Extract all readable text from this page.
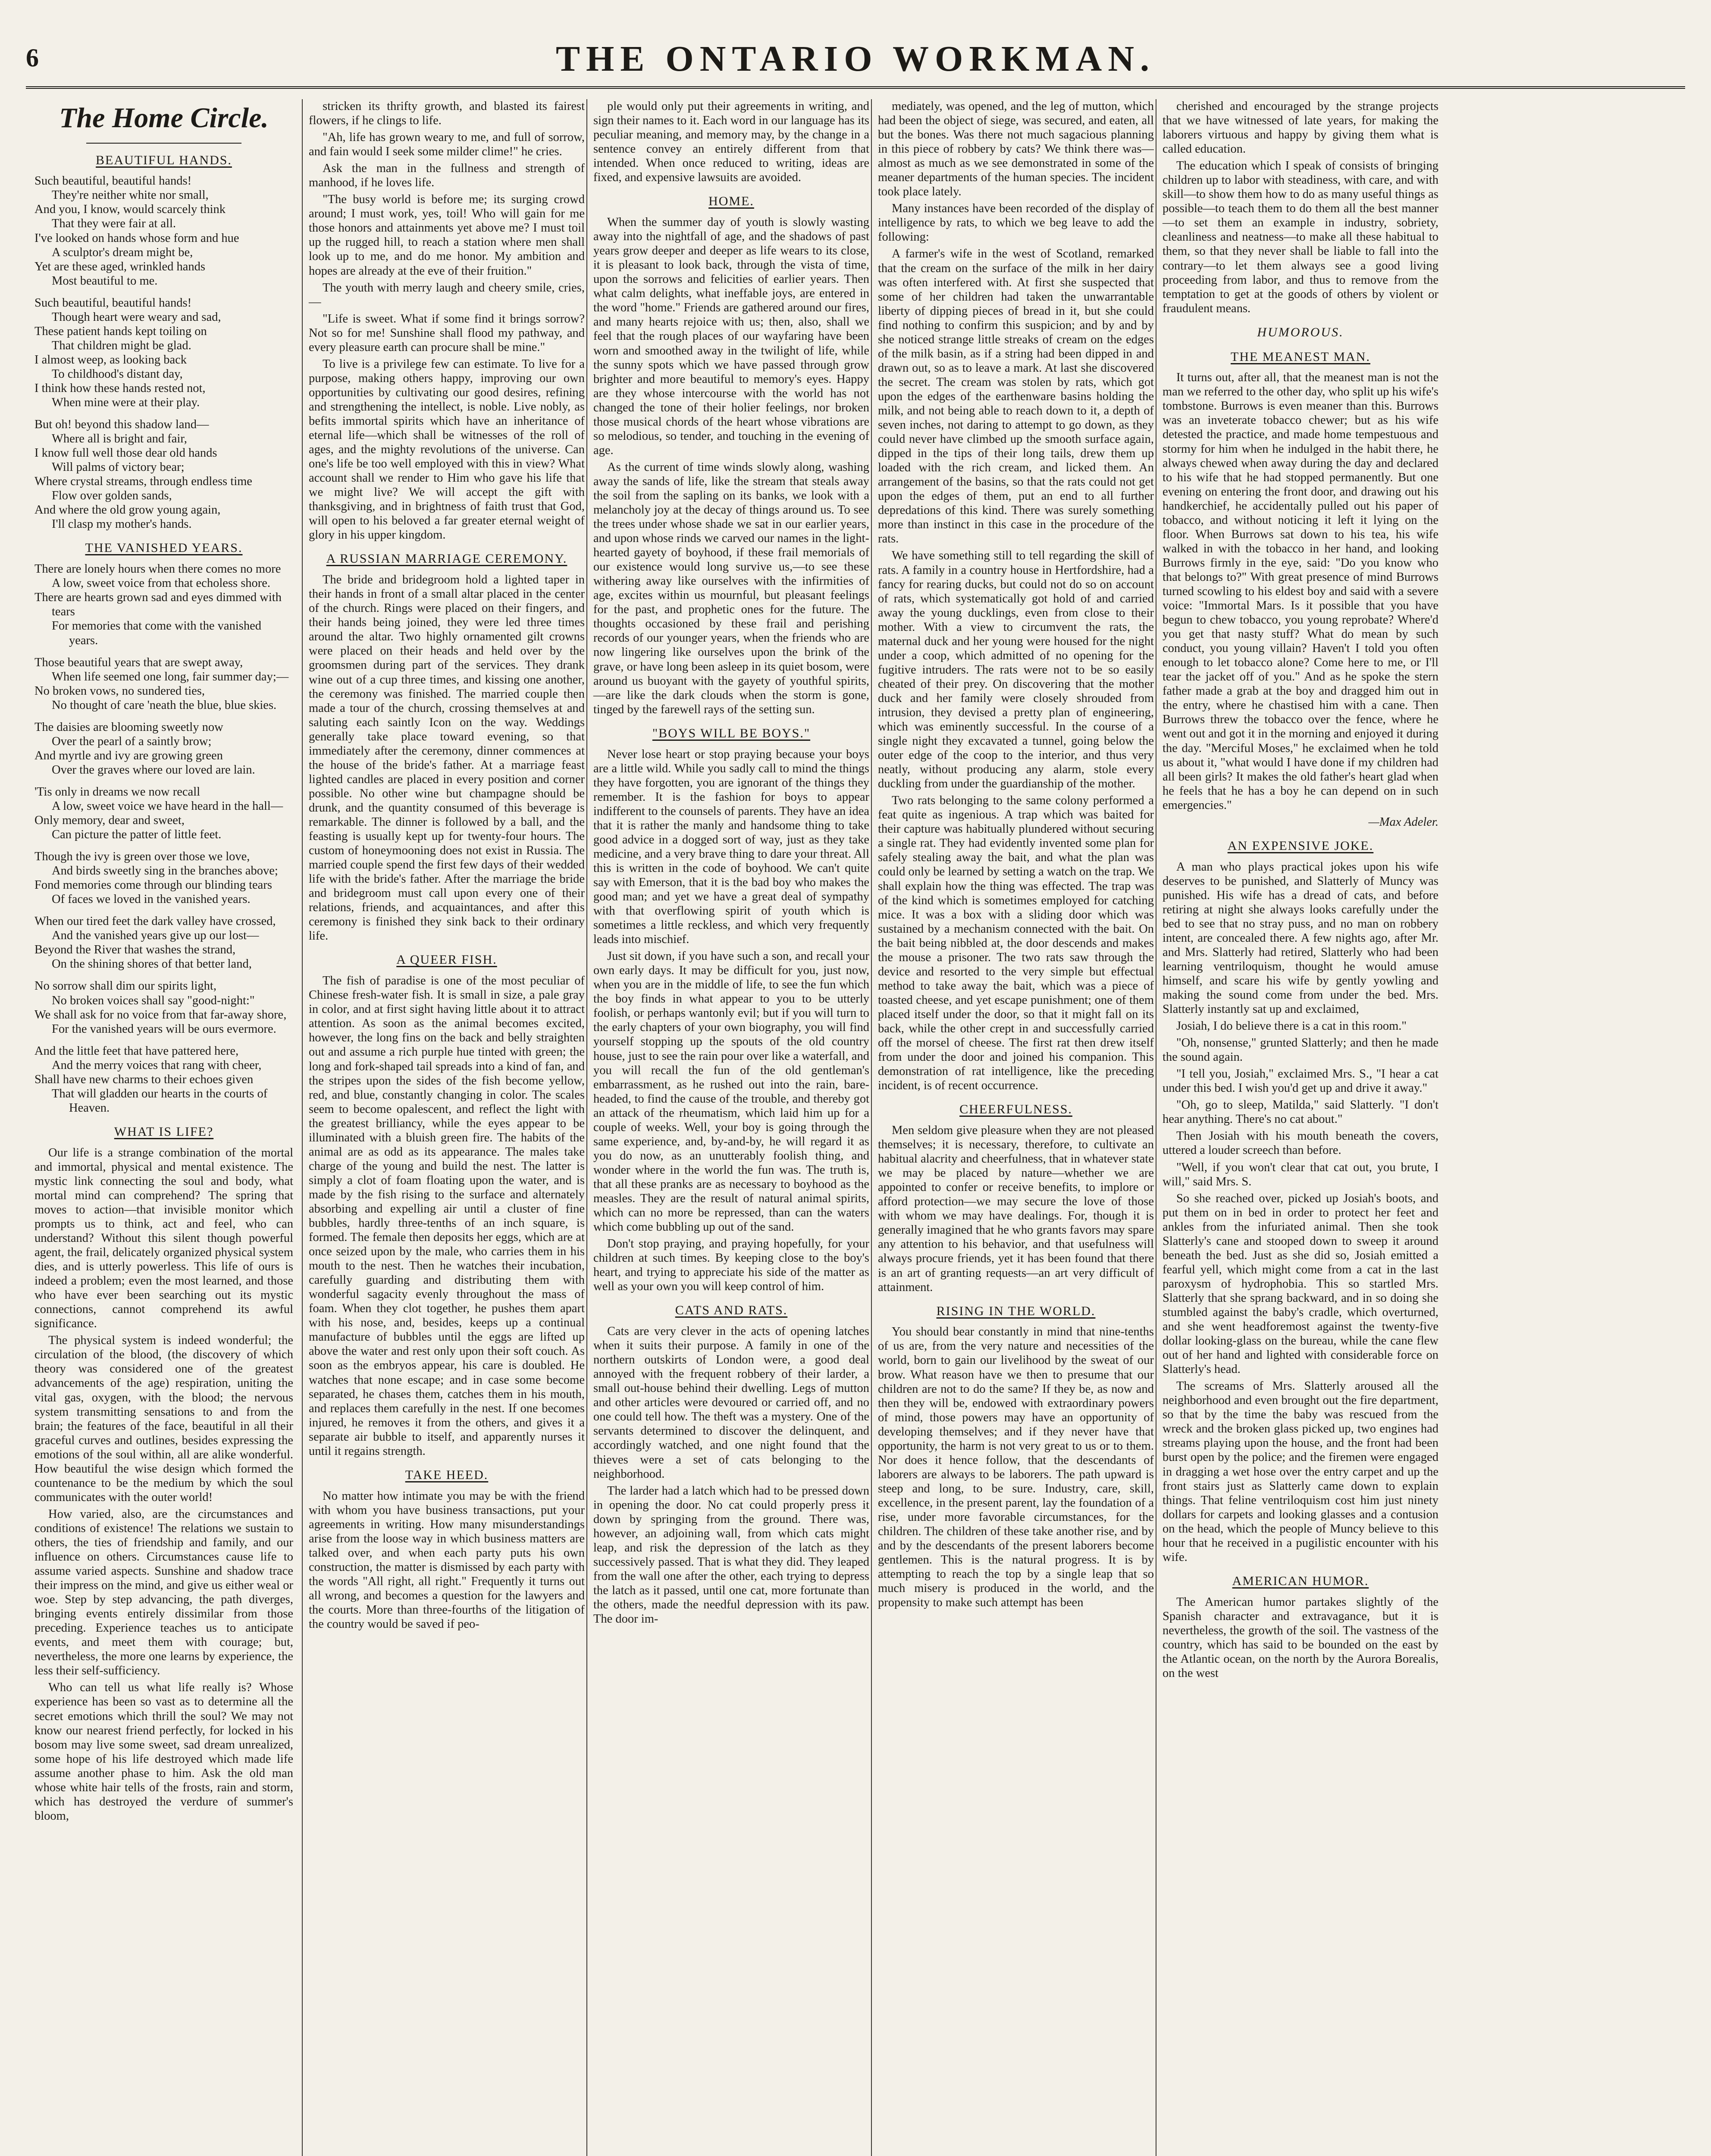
6	THE ONTARIO WORKMAN.
The Home Circle.
BEAUTIFUL HANDS.

Such beautiful, beautiful hands!
They're neither white nor small,
And you, I know, would scarcely think
That they were fair at all.
I've looked on hands whose form and hue
A sculptor's dream might be,
Yet are these aged, wrinkled hands
Most beautiful to me.

Such beautiful, beautiful hands!
Though heart were weary and sad,
These patient hands kept toiling on
That children might be glad.
I almost weep, as looking back
To childhood's distant day,
I think how these hands rested not,
When mine were at their play.

But oh! beyond this shadow land—
Where all is bright and fair,
I know full well those dear old hands
Will palms of victory bear;
Where crystal streams, through endless time
Flow over golden sands,
And where the old grow young again,
I'll clasp my mother's hands.

THE VANISHED YEARS.

There are lonely hours when there comes no more
A low, sweet voice from that echoless shore.
There are hearts grown sad and eyes dimmed with tears
For memories that come with the vanished years.

Those beautiful years that are swept away,
When life seemed one long, fair summer day;—
No broken vows, no sundered ties,
No thought of care 'neath the blue, blue skies.

The daisies are blooming sweetly now
Over the pearl of a saintly brow;
And myrtle and ivy are growing green
Over the graves where our loved are lain.

'Tis only in dreams we now recall
A low, sweet voice we have heard in the hall—
Only memory, dear and sweet,
Can picture the patter of little feet.

Though the ivy is green over those we love,
And birds sweetly sing in the branches above;
Fond memories come through our blinding tears
Of faces we loved in the vanished years.

When our tired feet the dark valley have crossed,
And the vanished years give up our lost—
Beyond the River that washes the strand,
On the shining shores of that better land,

No sorrow shall dim our spirits light,
No broken voices shall say "good-night:"
We shall ask for no voice from that far-away shore,
For the vanished years will be ours evermore.

And the little feet that have pattered here,
And the merry voices that rang with cheer,
Shall have new charms to their echoes given
That will gladden our hearts in the courts of Heaven.

WHAT IS LIFE?

Our life is a strange combination of the mortal and immortal, physical and mental existence. The mystic link connecting the soul and body, what mortal mind can comprehend? The spring that moves to action—that invisible monitor which prompts us to think, act and feel, who can understand? Without this silent though powerful agent, the frail, delicately organized physical system dies, and is utterly powerless. This life of ours is indeed a problem; even the most learned, and those who have ever been searching out its mystic connections, cannot comprehend its awful significance.

The physical system is indeed wonderful; the circulation of the blood, (the discovery of which theory was considered one of the greatest advancements of the age) respiration, uniting the vital gas, oxygen, with the blood; the nervous system transmitting sensations to and from the brain; the features of the face, beautiful in all their graceful curves and outlines, besides expressing the emotions of the soul within, all are alike wonderful. How beautiful the wise design which formed the countenance to be the medium by which the soul communicates with the outer world!

How varied, also, are the circumstances and conditions of existence! The relations we sustain to others, the ties of friendship and family, and our influence on others. Circumstances cause life to assume varied aspects. Sunshine and shadow trace their impress on the mind, and give us either weal or woe. Step by step advancing, the path diverges, bringing events entirely dissimilar from those preceding. Experience teaches us to anticipate events, and meet them with courage; but, nevertheless, the more one learns by experience, the less their self-sufficiency.

Who can tell us what life really is? Whose experience has been so vast as to determine all the secret emotions which thrill the soul? We may not know our nearest friend perfectly, for locked in his bosom may live some sweet, sad dream unrealized, some hope of his life destroyed which made life assume another phase to him. Ask the old man whose white hair tells of the frosts, rain and storm, which has destroyed the verdure of summer's bloom,

stricken its thrifty growth, and blasted its fairest flowers, if he clings to life.

"Ah, life has grown weary to me, and full of sorrow, and fain would I seek some milder clime!" he cries.

Ask the man in the fullness and strength of manhood, if he loves life.

"The busy world is before me; its surging crowd around; I must work, yes, toil! Who will gain for me those honors and attainments yet above me? I must toil up the rugged hill, to reach a station where men shall look up to me, and do me honor. My ambition and hopes are already at the eve of their fruition."

The youth with merry laugh and cheery smile, cries,—

"Life is sweet. What if some find it brings sorrow? Not so for me! Sunshine shall flood my pathway, and every pleasure earth can procure shall be mine."

To live is a privilege few can estimate. To live for a purpose, making others happy, improving our own opportunities by cultivating our good desires, refining and strengthening the intellect, is noble. Live nobly, as befits immortal spirits which have an inheritance of eternal life—which shall be witnesses of the roll of ages, and the mighty revolutions of the universe. Can one's life be too well employed with this in view? What account shall we render to Him who gave his life that we might live? We will accept the gift with thanksgiving, and in brightness of faith trust that God, will open to his beloved a far greater eternal weight of glory in his upper kingdom.

A RUSSIAN MARRIAGE CEREMONY.

The bride and bridegroom hold a lighted taper in their hands in front of a small altar placed in the center of the church. Rings were placed on their fingers, and their hands being joined, they were led three times around the altar. Two highly ornamented gilt crowns were placed on their heads and held over by the groomsmen during part of the services. They drank wine out of a cup three times, and kissing one another, the ceremony was finished. The married couple then made a tour of the church, crossing themselves at and saluting each saintly Icon on the way. Weddings generally take place toward evening, so that immediately after the ceremony, dinner commences at the house of the bride's father. At a marriage feast lighted candles are placed in every position and corner possible. No other wine but champagne should be drunk, and the quantity consumed of this beverage is remarkable. The dinner is followed by a ball, and the feasting is usually kept up for twenty-four hours. The custom of honeymooning does not exist in Russia. The married couple spend the first few days of their wedded life with the bride's father. After the marriage the bride and bridegroom must call upon every one of their relations, friends, and acquaintances, and after this ceremony is finished they sink back to their ordinary life.

A QUEER FISH.

The fish of paradise is one of the most peculiar of Chinese fresh-water fish. It is small in size, a pale gray in color, and at first sight having little about it to attract attention. As soon as the animal becomes excited, however, the long fins on the back and belly straighten out and assume a rich purple hue tinted with green; the long and fork-shaped tail spreads into a kind of fan, and the stripes upon the sides of the fish become yellow, red, and blue, constantly changing in color. The scales seem to become opalescent, and reflect the light with the greatest brilliancy, while the eyes appear to be illuminated with a bluish green fire. The habits of the animal are as odd as its appearance. The males take charge of the young and build the nest. The latter is simply a clot of foam floating upon the water, and is made by the fish rising to the surface and alternately absorbing and expelling air until a cluster of fine bubbles, hardly three-tenths of an inch square, is formed. The female then deposits her eggs, which are at once seized upon by the male, who carries them in his mouth to the nest. Then he watches their incubation, carefully guarding and distributing them with wonderful sagacity evenly throughout the mass of foam. When they clot together, he pushes them apart with his nose, and, besides, keeps up a continual manufacture of bubbles until the eggs are lifted up above the water and rest only upon their soft couch. As soon as the embryos appear, his care is doubled. He watches that none escape; and in case some become separated, he chases them, catches them in his mouth, and replaces them carefully in the nest. If one becomes injured, he removes it from the others, and gives it a separate air bubble to itself, and apparently nurses it until it regains strength.

TAKE HEED.

No matter how intimate you may be with the friend with whom you have business transactions, put your agreements in writing. How many misunderstandings arise from the loose way in which business matters are talked over, and when each party puts his own construction, the matter is dismissed by each party with the words "All right, all right." Frequently it turns out all wrong, and becomes a question for the lawyers and the courts. More than three-fourths of the litigation of the country would be saved if peo-

ple would only put their agreements in writing, and sign their names to it. Each word in our language has its peculiar meaning, and memory may, by the change in a sentence convey an entirely different from that intended. When once reduced to writing, ideas are fixed, and expensive lawsuits are avoided.

HOME.

When the summer day of youth is slowly wasting away into the nightfall of age, and the shadows of past years grow deeper and deeper as life wears to its close, it is pleasant to look back, through the vista of time, upon the sorrows and felicities of earlier years. Then what calm delights, what ineffable joys, are entered in the word "home." Friends are gathered around our fires, and many hearts rejoice with us; then, also, shall we feel that the rough places of our wayfaring have been worn and smoothed away in the twilight of life, while the sunny spots which we have passed through grow brighter and more beautiful to memory's eyes. Happy are they whose intercourse with the world has not changed the tone of their holier feelings, nor broken those musical chords of the heart whose vibrations are so melodious, so tender, and touching in the evening of age.

As the current of time winds slowly along, washing away the sands of life, like the stream that steals away the soil from the sapling on its banks, we look with a melancholy joy at the decay of things around us. To see the trees under whose shade we sat in our earlier years, and upon whose rinds we carved our names in the light-hearted gayety of boyhood, if these frail memorials of our existence would long survive us,—to see these withering away like ourselves with the infirmities of age, excites within us mournful, but pleasant feelings for the past, and prophetic ones for the future. The thoughts occasioned by these frail and perishing records of our younger years, when the friends who are now lingering like ourselves upon the brink of the grave, or have long been asleep in its quiet bosom, were around us buoyant with the gayety of youthful spirits,—are like the dark clouds when the storm is gone, tinged by the farewell rays of the setting sun.

"BOYS WILL BE BOYS."

Never lose heart or stop praying because your boys are a little wild. While you sadly call to mind the things they have forgotten, you are ignorant of the things they remember. It is the fashion for boys to appear indifferent to the counsels of parents. They have an idea that it is rather the manly and handsome thing to take good advice in a dogged sort of way, just as they take medicine, and a very brave thing to dare your threat. All this is written in the code of boyhood. We can't quite say with Emerson, that it is the bad boy who makes the good man; and yet we have a great deal of sympathy with that overflowing spirit of youth which is sometimes a little reckless, and which very frequently leads into mischief.

Just sit down, if you have such a son, and recall your own early days. It may be difficult for you, just now, when you are in the middle of life, to see the fun which the boy finds in what appear to you to be utterly foolish, or perhaps wantonly evil; but if you will turn to the early chapters of your own biography, you will find yourself stopping up the spouts of the old country house, just to see the rain pour over like a waterfall, and you will recall the fun of the old gentleman's embarrassment, as he rushed out into the rain, bare-headed, to find the cause of the trouble, and thereby got an attack of the rheumatism, which laid him up for a couple of weeks. Well, your boy is going through the same experience, and, by-and-by, he will regard it as you do now, as an unutterably foolish thing, and wonder where in the world the fun was. The truth is, that all these pranks are as necessary to boyhood as the measles. They are the result of natural animal spirits, which can no more be repressed, than can the waters which come bubbling up out of the sand.

Don't stop praying, and praying hopefully, for your children at such times. By keeping close to the boy's heart, and trying to appreciate his side of the matter as well as your own you will keep control of him.

CATS AND RATS.

Cats are very clever in the acts of opening latches when it suits their purpose. A family in one of the northern outskirts of London were, a good deal annoyed with the frequent robbery of their larder, a small out-house behind their dwelling. Legs of mutton and other articles were devoured or carried off, and no one could tell how. The theft was a mystery. One of the servants determined to discover the delinquent, and accordingly watched, and one night found that the thieves were a set of cats belonging to the neighborhood.

The larder had a latch which had to be pressed down in opening the door. No cat could properly press it down by springing from the ground. There was, however, an adjoining wall, from which cats might leap, and risk the depression of the latch as they successively passed. That is what they did. They leaped from the wall one after the other, each trying to depress the latch as it passed, until one cat, more fortunate than the others, made the needful depression with its paw. The door im-

mediately, was opened, and the leg of mutton, which had been the object of siege, was secured, and eaten, all but the bones. Was there not much sagacious planning in this piece of robbery by cats? We think there was—almost as much as we see demonstrated in some of the meaner departments of the human species. The incident took place lately.

Many instances have been recorded of the display of intelligence by rats, to which we beg leave to add the following:

A farmer's wife in the west of Scotland, remarked that the cream on the surface of the milk in her dairy was often interfered with. At first she suspected that some of her children had taken the unwarrantable liberty of dipping pieces of bread in it, but she could find nothing to confirm this suspicion; and by and by she noticed strange little streaks of cream on the edges of the milk basin, as if a string had been dipped in and drawn out, so as to leave a mark. At last she discovered the secret. The cream was stolen by rats, which got upon the edges of the earthenware basins holding the milk, and not being able to reach down to it, a depth of seven inches, not daring to attempt to go down, as they could never have climbed up the smooth surface again, dipped in the tips of their long tails, drew them up loaded with the rich cream, and licked them. An arrangement of the basins, so that the rats could not get upon the edges of them, put an end to all further depredations of this kind. There was surely something more than instinct in this case in the procedure of the rats.

We have something still to tell regarding the skill of rats. A family in a country house in Hertfordshire, had a fancy for rearing ducks, but could not do so on account of rats, which systematically got hold of and carried away the young ducklings, even from close to their mother. With a view to circumvent the rats, the maternal duck and her young were housed for the night under a coop, which admitted of no opening for the fugitive intruders. The rats were not to be so easily cheated of their prey. On discovering that the mother duck and her family were closely shrouded from intrusion, they devised a pretty plan of engineering, which was eminently successful. In the course of a single night they excavated a tunnel, going below the outer edge of the coop to the interior, and thus very neatly, without producing any alarm, stole every duckling from under the guardianship of the mother.

Two rats belonging to the same colony performed a feat quite as ingenious. A trap which was baited for their capture was habitually plundered without securing a single rat. They had evidently invented some plan for safely stealing away the bait, and what the plan was could only be learned by setting a watch on the trap. We shall explain how the thing was effected. The trap was of the kind which is sometimes employed for catching mice. It was a box with a sliding door which was sustained by a mechanism connected with the bait. On the bait being nibbled at, the door descends and makes the mouse a prisoner. The two rats saw through the device and resorted to the very simple but effectual method to take away the bait, which was a piece of toasted cheese, and yet escape punishment; one of them placed itself under the door, so that it might fall on its back, while the other crept in and successfully carried off the morsel of cheese. The first rat then drew itself from under the door and joined his companion. This demonstration of rat intelligence, like the preceding incident, is of recent occurrence.

CHEERFULNESS.

Men seldom give pleasure when they are not pleased themselves; it is necessary, therefore, to cultivate an habitual alacrity and cheerfulness, that in whatever state we may be placed by nature—whether we are appointed to confer or receive benefits, to implore or afford protection—we may secure the love of those with whom we may have dealings. For, though it is generally imagined that he who grants favors may spare any attention to his behavior, and that usefulness will always procure friends, yet it has been found that there is an art of granting requests—an art very difficult of attainment.

RISING IN THE WORLD.

You should bear constantly in mind that nine-tenths of us are, from the very nature and necessities of the world, born to gain our livelihood by the sweat of our brow. What reason have we then to presume that our children are not to do the same? If they be, as now and then they will be, endowed with extraordinary powers of mind, those powers may have an opportunity of developing themselves; and if they never have that opportunity, the harm is not very great to us or to them. Nor does it hence follow, that the descendants of laborers are always to be laborers. The path upward is steep and long, to be sure. Industry, care, skill, excellence, in the present parent, lay the foundation of a rise, under more favorable circumstances, for the children. The children of these take another rise, and by and by the descendants of the present laborers become gentlemen. This is the natural progress. It is by attempting to reach the top by a single leap that so much misery is produced in the world, and the propensity to make such attempt has been

cherished and encouraged by the strange projects that we have witnessed of late years, for making the laborers virtuous and happy by giving them what is called education.

The education which I speak of consists of bringing children up to labor with steadiness, with care, and with skill—to show them how to do as many useful things as possible—to teach them to do them all the best manner—to set them an example in industry, sobriety, cleanliness and neatness—to make all these habitual to them, so that they never shall be liable to fall into the contrary—to let them always see a good living proceeding from labor, and thus to remove from the temptation to get at the goods of others by violent or fraudulent means.

HUMOROUS.
THE MEANEST MAN.

It turns out, after all, that the meanest man is not the man we referred to the other day, who split up his wife's tombstone. Burrows is even meaner than this. Burrows was an inveterate tobacco chewer; but as his wife detested the practice, and made home tempestuous and stormy for him when he indulged in the habit there, he always chewed when away during the day and declared to his wife that he had stopped permanently. But one evening on entering the front door, and drawing out his handkerchief, he accidentally pulled out his paper of tobacco, and without noticing it left it lying on the floor. When Burrows sat down to his tea, his wife walked in with the tobacco in her hand, and looking Burrows firmly in the eye, said: "Do you know who that belongs to?" With great presence of mind Burrows turned scowling to his eldest boy and said with a severe voice: "Immortal Mars. Is it possible that you have begun to chew tobacco, you young reprobate? Where'd you get that nasty stuff? What do mean by such conduct, you young villain? Haven't I told you often enough to let tobacco alone? Come here to me, or I'll tear the jacket off of you." And as he spoke the stern father made a grab at the boy and dragged him out in the entry, where he chastised him with a cane. Then Burrows threw the tobacco over the fence, where he went out and got it in the morning and enjoyed it during the day. "Merciful Moses," he exclaimed when he told us about it, "what would I have done if my children had all been girls? It makes the old father's heart glad when he feels that he has a boy he can depend on in such emergencies."

—Max Adeler.
AN EXPENSIVE JOKE.

A man who plays practical jokes upon his wife deserves to be punished, and Slatterly of Muncy was punished. His wife has a dread of cats, and before retiring at night she always looks carefully under the bed to see that no stray puss, and no man on robbery intent, are concealed there. A few nights ago, after Mr. and Mrs. Slatterly had retired, Slatterly who had been learning ventriloquism, thought he would amuse himself, and scare his wife by gently yowling and making the sound come from under the bed. Mrs. Slatterly instantly sat up and exclaimed,

Josiah, I do believe there is a cat in this room."

"Oh, nonsense," grunted Slatterly; and then he made the sound again.

"I tell you, Josiah," exclaimed Mrs. S., "I hear a cat under this bed. I wish you'd get up and drive it away."

"Oh, go to sleep, Matilda," said Slatterly. "I don't hear anything. There's no cat about."

Then Josiah with his mouth beneath the covers, uttered a louder screech than before.

"Well, if you won't clear that cat out, you brute, I will," said Mrs. S.

So she reached over, picked up Josiah's boots, and put them on in bed in order to protect her feet and ankles from the infuriated animal. Then she took Slatterly's cane and stooped down to sweep it around beneath the bed. Just as she did so, Josiah emitted a fearful yell, which might come from a cat in the last paroxysm of hydrophobia. This so startled Mrs. Slatterly that she sprang backward, and in so doing she stumbled against the baby's cradle, which overturned, and she went headforemost against the twenty-five dollar looking-glass on the bureau, while the cane flew out of her hand and lighted with considerable force on Slatterly's head.

The screams of Mrs. Slatterly aroused all the neighborhood and even brought out the fire department, so that by the time the baby was rescued from the wreck and the broken glass picked up, two engines had streams playing upon the house, and the front had been burst open by the police; and the firemen were engaged in dragging a wet hose over the entry carpet and up the front stairs just as Slatterly came down to explain things. That feline ventriloquism cost him just ninety dollars for carpets and looking glasses and a contusion on the head, which the people of Muncy believe to this hour that he received in a pugilistic encounter with his wife.

AMERICAN HUMOR.

The American humor partakes slightly of the Spanish character and extravagance, but it is nevertheless, the growth of the soil. The vastness of the country, which has said to be bounded on the east by the Atlantic ocean, on the north by the Aurora Borealis, on the west
